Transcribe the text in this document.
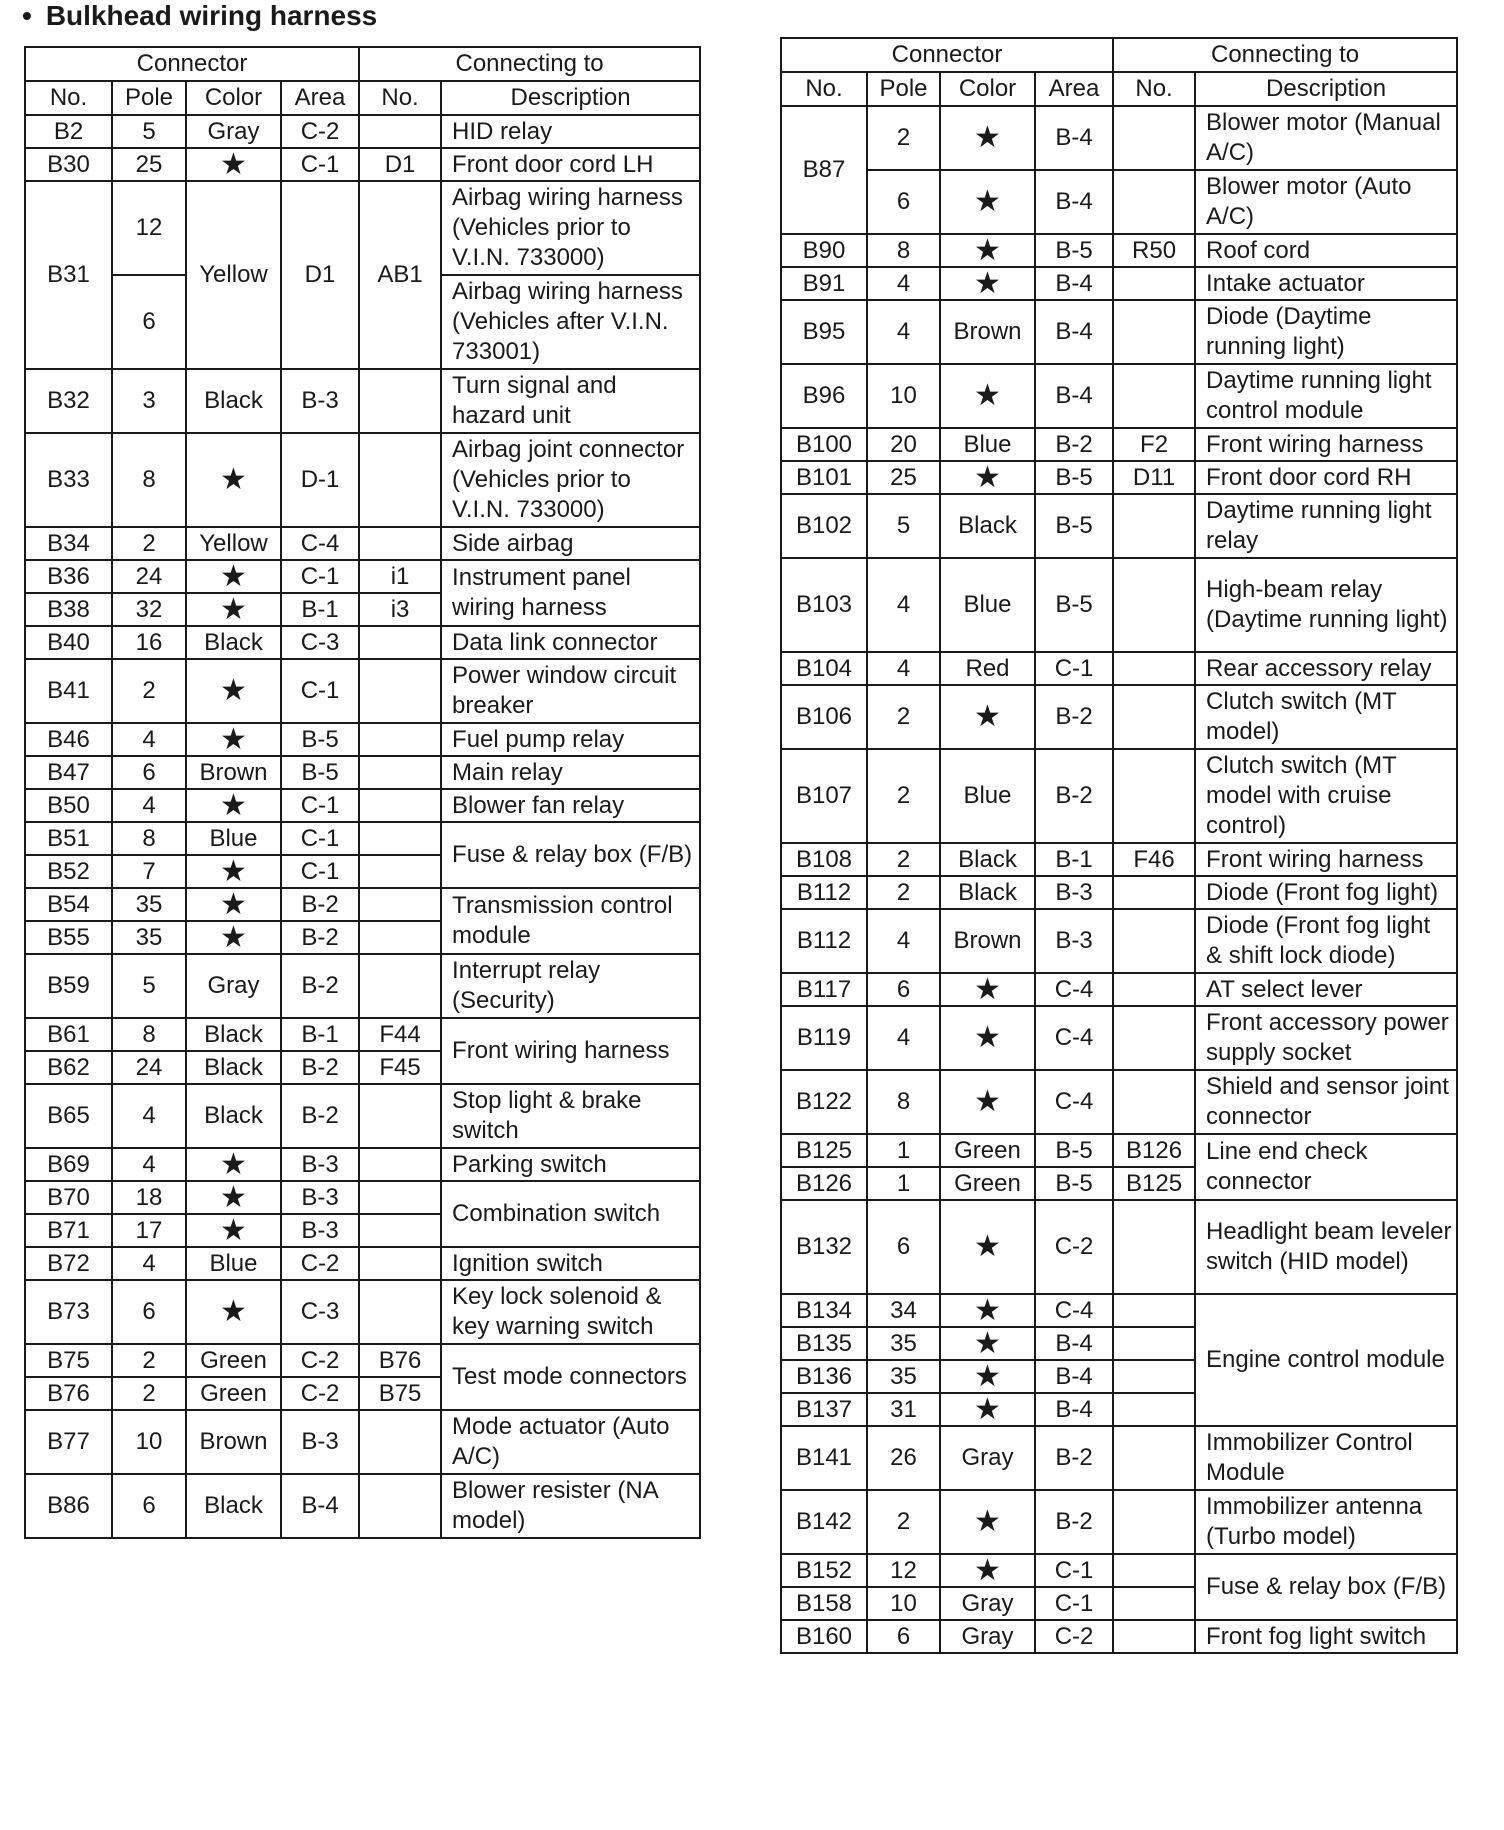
• Bulkhead wiring harness
Connector				Connecting to	
No.	Pole	Color	Area	No.	Description
B2	5	Gray	C-2		HID relay
B30	25	★	C-1	D1	Front door cord LH
B31	12	Yellow	D1	AB1	Airbag wiring harness (Vehicles prior to V.I.N. 733000)
	6				Airbag wiring harness (Vehicles after V.I.N. 733001)
B32	3	Black	B-3		Turn signal and hazard unit
B33	8	★	D-1		Airbag joint connector (Vehicles prior to V.I.N. 733000)
B34	2	Yellow	C-4		Side airbag
B36	24	★	C-1	i1	Instrument panel wiring harness
B38	32	★	B-1	i3	
B40	16	Black	C-3		Data link connector
B41	2	★	C-1		Power window circuit breaker
B46	4	★	B-5		Fuel pump relay
B47	6	Brown	B-5		Main relay
B50	4	★	C-1		Blower fan relay
B51	8	Blue	C-1		Fuse & relay box (F/B)
B52	7	★	C-1		
B54	35	★	B-2		Transmission control module
B55	35	★	B-2		
B59	5	Gray	B-2		Interrupt relay (Security)
B61	8	Black	B-1	F44	Front wiring harness
B62	24	Black	B-2	F45	
B65	4	Black	B-2		Stop light & brake switch
B69	4	★	B-3		Parking switch
B70	18	★	B-3		Combination switch
B71	17	★	B-3		
B72	4	Blue	C-2		Ignition switch
B73	6	★	C-3		Key lock solenoid & key warning switch
B75	2	Green	C-2	B76	Test mode connectors
B76	2	Green	C-2	B75	
B77	10	Brown	B-3		Mode actuator (Auto A/C)
B86	6	Black	B-4		Blower resister (NA model)
Connector				Connecting to	
No.	Pole	Color	Area	No.	Description
B87	2	★	B-4		Blower motor (Manual A/C)
	6	★	B-4		Blower motor (Auto A/C)
B90	8	★	B-5	R50	Roof cord
B91	4	★	B-4		Intake actuator
B95	4	Brown	B-4		Diode (Daytime running light)
B96	10	★	B-4		Daytime running light control module
B100	20	Blue	B-2	F2	Front wiring harness
B101	25	★	B-5	D11	Front door cord RH
B102	5	Black	B-5		Daytime running light relay
B103	4	Blue	B-5		High-beam relay (Daytime running light)
B104	4	Red	C-1		Rear accessory relay
B106	2	★	B-2		Clutch switch (MT model)
B107	2	Blue	B-2		Clutch switch (MT model with cruise control)
B108	2	Black	B-1	F46	Front wiring harness
B112	2	Black	B-3		Diode (Front fog light)
B112	4	Brown	B-3		Diode (Front fog light & shift lock diode)
B117	6	★	C-4		AT select lever
B119	4	★	C-4		Front accessory power supply socket
B122	8	★	C-4		Shield and sensor joint connector
B125	1	Green	B-5	B126	Line end check connector
B126	1	Green	B-5	B125	
B132	6	★	C-2		Headlight beam leveler switch (HID model)
B134	34	★	C-4		Engine control module
B135	35	★	B-4		
B136	35	★	B-4		
B137	31	★	B-4		
B141	26	Gray	B-2		Immobilizer Control Module
B142	2	★	B-2		Immobilizer antenna (Turbo model)
B152	12	★	C-1		Fuse & relay box (F/B)
B158	10	Gray	C-1		
B160	6	Gray	C-2		Front fog light switch
